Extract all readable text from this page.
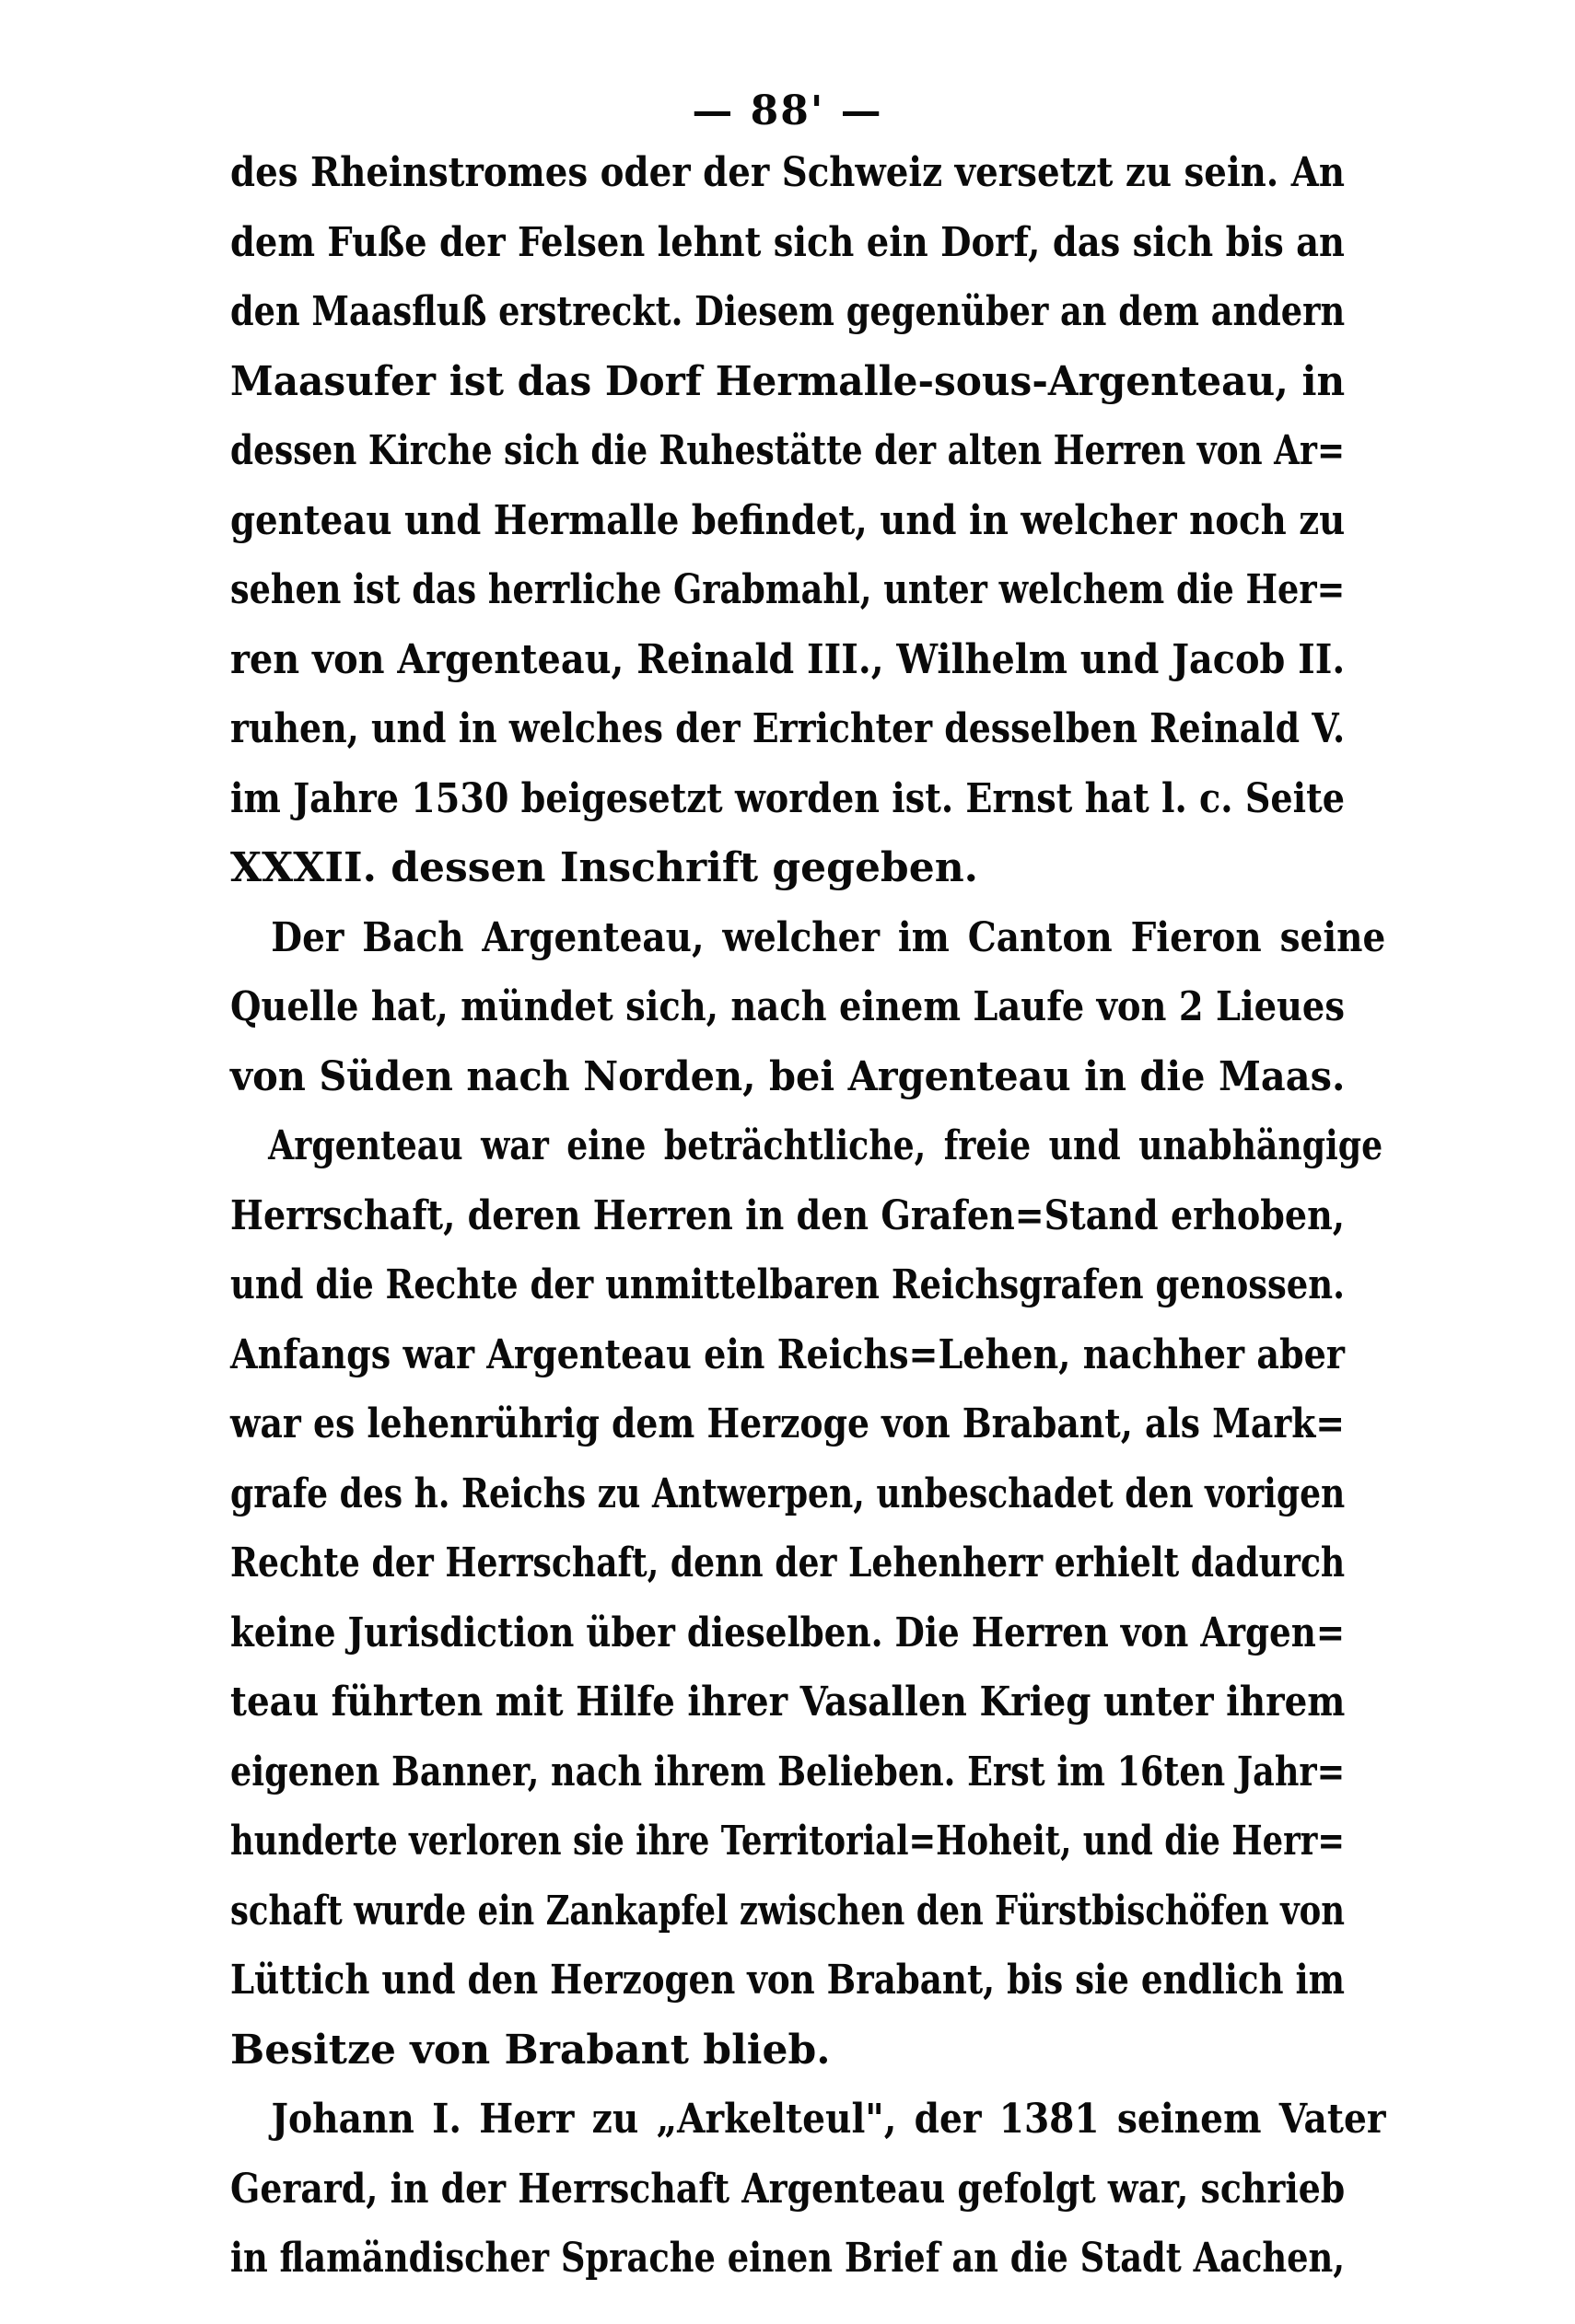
— 88' —
des Rheinstromes oder der Schweiz versetzt zu sein. An
dem Fuße der Felsen lehnt sich ein Dorf, das sich bis an
den Maasfluß erstreckt. Diesem gegenüber an dem andern
Maasufer ist das Dorf Hermalle-sous-Argenteau, in
dessen Kirche sich die Ruhestätte der alten Herren von Ar=
genteau und Hermalle befindet, und in welcher noch zu
sehen ist das herrliche Grabmahl, unter welchem die Her=
ren von Argenteau, Reinald III., Wilhelm und Jacob II.
ruhen, und in welches der Errichter desselben Reinald V.
im Jahre 1530 beigesetzt worden ist. Ernst hat l. c. Seite
XXXII. dessen Inschrift gegeben.
Der Bach Argenteau, welcher im Canton Fieron seine
Quelle hat, mündet sich, nach einem Laufe von 2 Lieues
von Süden nach Norden, bei Argenteau in die Maas.
Argenteau war eine beträchtliche, freie und unabhängige
Herrschaft, deren Herren in den Grafen=Stand erhoben,
und die Rechte der unmittelbaren Reichsgrafen genossen.
Anfangs war Argenteau ein Reichs=Lehen, nachher aber
war es lehenrührig dem Herzoge von Brabant, als Mark=
grafe des h. Reichs zu Antwerpen, unbeschadet den vorigen
Rechte der Herrschaft, denn der Lehenherr erhielt dadurch
keine Jurisdiction über dieselben. Die Herren von Argen=
teau führten mit Hilfe ihrer Vasallen Krieg unter ihrem
eigenen Banner, nach ihrem Belieben. Erst im 16ten Jahr=
hunderte verloren sie ihre Territorial=Hoheit, und die Herr=
schaft wurde ein Zankapfel zwischen den Fürstbischöfen von
Lüttich und den Herzogen von Brabant, bis sie endlich im
Besitze von Brabant blieb.
Johann I. Herr zu „Arkelteul", der 1381 seinem Vater
Gerard, in der Herrschaft Argenteau gefolgt war, schrieb
in flamändischer Sprache einen Brief an die Stadt Aachen,
